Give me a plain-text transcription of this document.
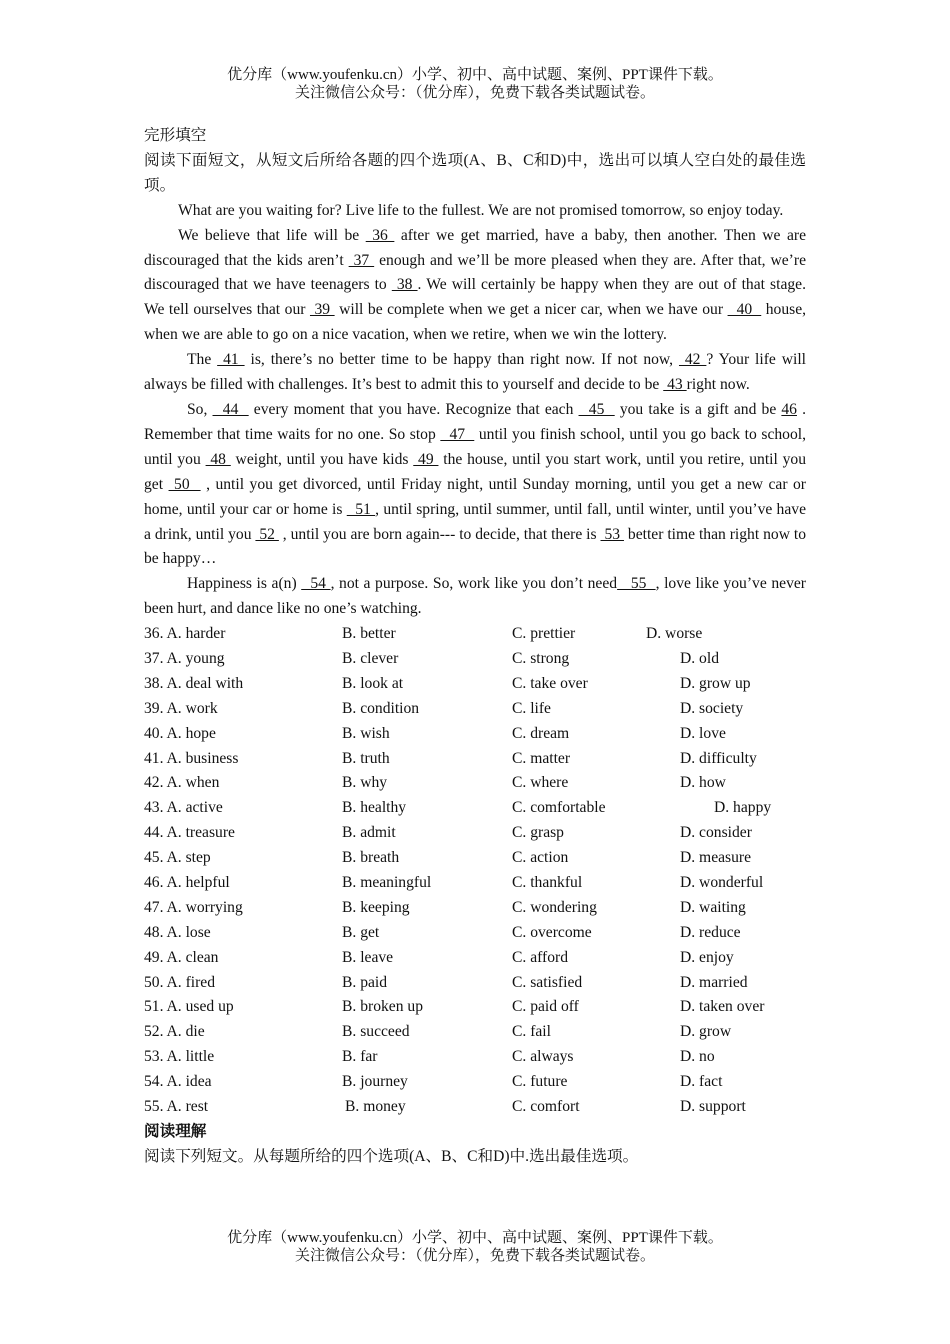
优分库（www.youfenku.cn）小学、初中、高中试题、案例、PPT课件下载。
关注微信公众号：（优分库），免费下载各类试题试卷。

完形填空

阅读下面短文，从短文后所给各题的四个选项(A、B、C和D)中，选出可以填人空白处的最佳选项。

What are you waiting for? Live life to the fullest. We are not promised tomorrow, so enjoy today.

We believe that life will be  36  after we get married, have a baby, then another. Then we are discouraged that the kids aren’t  37  enough and we’ll be more pleased when they are. After that, we’re discouraged that we have teenagers to  38 . We will certainly be happy when they are out of that stage. We tell ourselves that our  39  will be complete when we get a nicer car, when we have our   40   house, when we are able to go on a nice vacation, when we retire, when we win the lottery.

The  41  is, there’s no better time to be happy than right now. If not now,  42 ? Your life will always be filled with challenges. It’s best to admit this to yourself and decide to be  43 right now.

So,   44   every moment that you have. Recognize that each   45   you take is a gift and be 46 . Remember that time waits for no one. So stop   47   until you finish school, until you go back to school, until you  48  weight, until you have kids  49  the house, until you start work, until you retire, until you get  50   , until you get divorced, until Friday night, until Sunday morning, until you get a new car or home, until your car or home is   51 , until spring, until summer, until fall, until winter, until you’ve have a drink, until you  52  , until you are born again--- to decide, that there is  53  better time than right now to be happy…

Happiness is a(n)   54 , not a purpose. So, work like you don’t need   55  , love like you’ve never been hurt, and dance like no one’s watching.

36. A. harder	B. better	C. prettier	D. worse
37. A. young	B. clever	C. strong	D. old
38. A. deal with	B. look at	C. take over	D. grow up
39. A. work	B. condition	C. life	D. society
40. A. hope	B. wish	C. dream	D. love
41. A. business	B. truth	C. matter	D. difficulty
42. A. when	B. why	C. where	D. how
43. A. active	B. healthy	C. comfortable	D. happy
44. A. treasure	B. admit	C. grasp	D. consider
45. A. step	B. breath	C. action	D. measure
46. A. helpful	B. meaningful	C. thankful	D. wonderful
47. A. worrying	B. keeping	C. wondering	D. waiting
48. A. lose	B. get	C. overcome	D. reduce
49. A. clean	B. leave	C. afford	D. enjoy
50. A. fired	B. paid	C. satisfied	D. married
51. A. used up	B. broken up	C. paid off	D. taken over
52. A. die	B. succeed	C. fail	D. grow
53. A. little	B. far	C. always	D. no
54. A. idea	B. journey	C. future	D. fact
55. A. rest	B. money	C. comfort	D. support

阅读理解

阅读下列短文。从每题所给的四个选项(A、B、C和D)中.选出最佳选项。

优分库（www.youfenku.cn）小学、初中、高中试题、案例、PPT课件下载。
关注微信公众号：（优分库），免费下载各类试题试卷。
